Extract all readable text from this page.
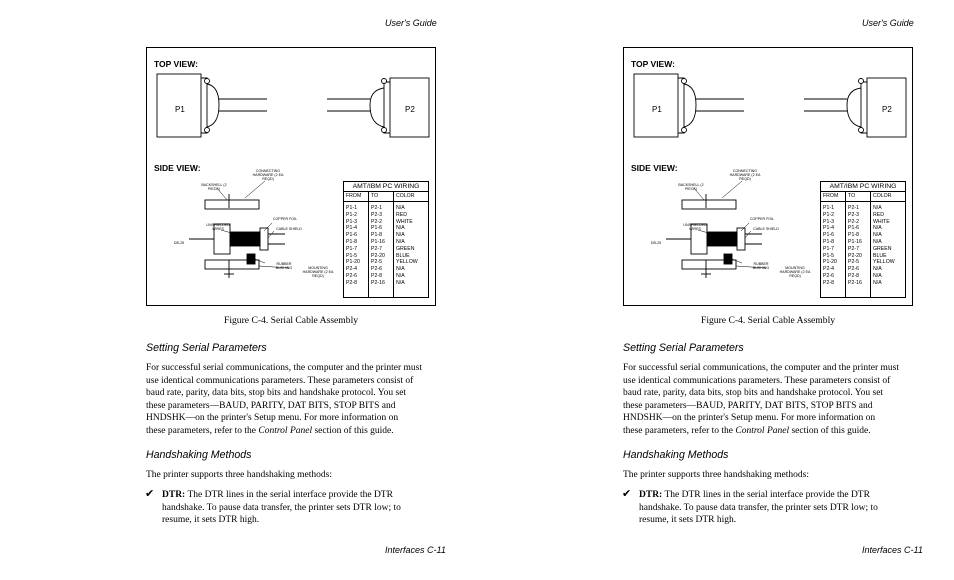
User's Guide
TOP VIEW:
SIDE VIEW:
P1	P2
CONNECTING HARDWARE (2 EA REQD)
BACKSHELL (2 PIECE)
COPPER FOIL
UNSHIELDED WIRES	CABLE SHIELD
DB-25
RUBBER BUSHING	MOUNTING HARDWARE (2 EA REQD)
AMT/IBM PC WIRING
FROM TO	COLOR
P1-1	P2-1	N/A
P1-2	P2-3	RED
P1-3	P2-2	WHITE
P1-4	P1-6	N/A
P1-6	P1-8	N/A
P1-8	P1-16 N/A
P1-7	P2-7	GREEN
P1-5	P2-20 BLUE
P1-20 P2-5	YELLOW
P2-4	P2-6	N/A
P2-6	P2-8	N/A
P2-8	P2-16 N/A
Figure C-4. Serial Cable Assembly
Setting Serial Parameters
For successful serial communications, the computer and the printer must
use identical communications parameters. These parameters consist of
baud rate, parity, data bits, stop bits and handshake protocol. You set
these parameters—BAUD, PARITY, DAT BITS, STOP BITS and
HNDSHK—on the printer's Setup menu. For more information on
these parameters, refer to the Control Panel section of this guide.
Handshaking Methods
The printer supports three handshaking methods:
✔ DTR: The DTR lines in the serial interface provide the DTR
handshake. To pause data transfer, the printer sets DTR low; to
resume, it sets DTR high.
Interfaces C-11
User's Guide
TOP VIEW:
SIDE VIEW:
P1	P2
CONNECTING HARDWARE (2 EA REQD)
BACKSHELL (2 PIECE)
COPPER FOIL
UNSHIELDED WIRES	CABLE SHIELD
DB-25
RUBBER BUSHING	MOUNTING HARDWARE (2 EA REQD)
AMT/IBM PC WIRING
FROM TO	COLOR
P1-1	P2-1	N/A
P1-2	P2-3	RED
P1-3	P2-2	WHITE
P1-4	P1-6	N/A
P1-6	P1-8	N/A
P1-8	P1-16 N/A
P1-7	P2-7	GREEN
P1-5	P2-20 BLUE
P1-20 P2-5	YELLOW
P2-4	P2-6	N/A
P2-6	P2-8	N/A
P2-8	P2-16 N/A
Figure C-4. Serial Cable Assembly
Setting Serial Parameters
For successful serial communications, the computer and the printer must
use identical communications parameters. These parameters consist of
baud rate, parity, data bits, stop bits and handshake protocol. You set
these parameters—BAUD, PARITY, DAT BITS, STOP BITS and
HNDSHK—on the printer's Setup menu. For more information on
these parameters, refer to the Control Panel section of this guide.
Handshaking Methods
The printer supports three handshaking methods:
✔ DTR: The DTR lines in the serial interface provide the DTR
handshake. To pause data transfer, the printer sets DTR low; to
resume, it sets DTR high.
Interfaces C-11
